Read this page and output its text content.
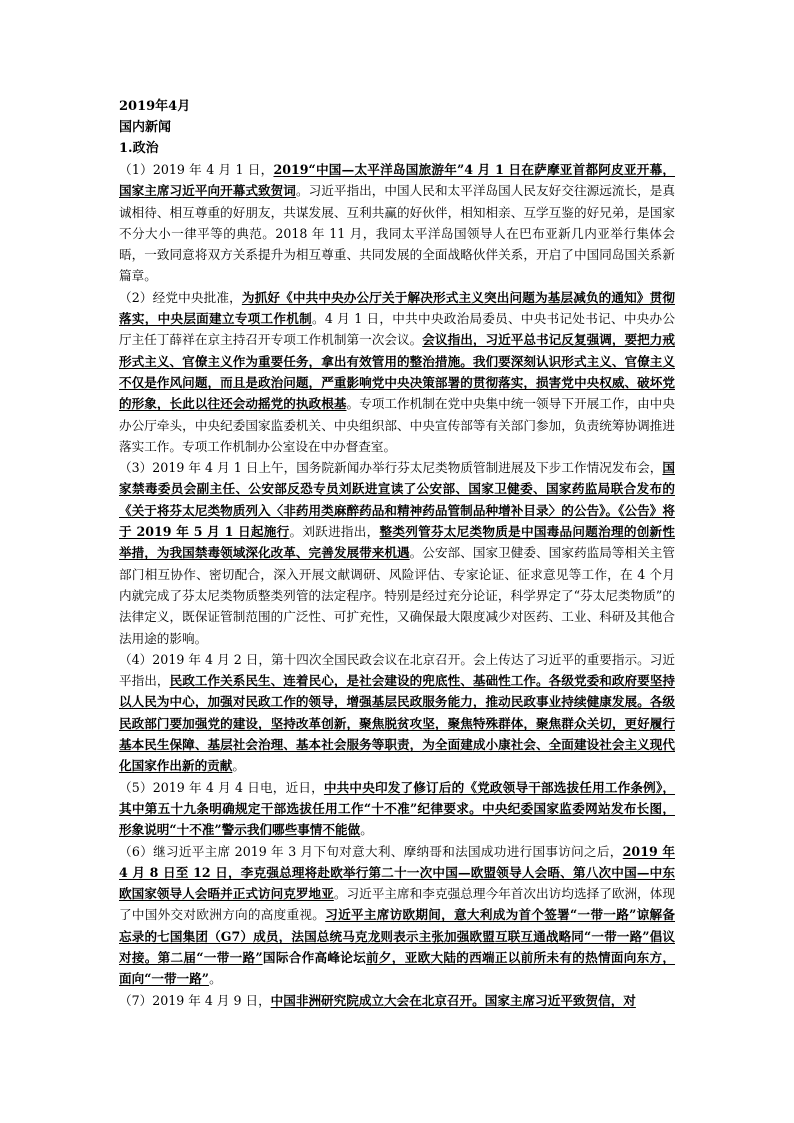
2019年4月
国内新闻
1.政治

（1）2019 年 4 月 1 日，2019“中国—太平洋岛国旅游年”4 月 1 日在萨摩亚首都阿皮亚开幕，国家主席习近平向开幕式致贺词。习近平指出，中国人民和太平洋岛国人民友好交往源远流长，是真诚相待、相互尊重的好朋友，共谋发展、互利共赢的好伙伴，相知相亲、互学互鉴的好兄弟，是国家不分大小一律平等的典范。2018 年 11 月，我同太平洋岛国领导人在巴布亚新几内亚举行集体会晤，一致同意将双方关系提升为相互尊重、共同发展的全面战略伙伴关系，开启了中国同岛国关系新篇章。

（2）经党中央批准，为抓好《中共中央办公厅关于解决形式主义突出问题为基层减负的通知》贯彻落实，中央层面建立专项工作机制。4 月 1 日，中共中央政治局委员、中央书记处书记、中央办公厅主任丁薛祥在京主持召开专项工作机制第一次会议。会议指出，习近平总书记反复强调，要把力戒形式主义、官僚主义作为重要任务，拿出有效管用的整治措施。我们要深刻认识形式主义、官僚主义不仅是作风问题，而且是政治问题，严重影响党中央决策部署的贯彻落实，损害党中央权威、破坏党的形象，长此以往还会动摇党的执政根基。专项工作机制在党中央集中统一领导下开展工作，由中央办公厅牵头，中央纪委国家监委机关、中央组织部、中央宣传部等有关部门参加，负责统筹协调推进落实工作。专项工作机制办公室设在中办督查室。

（3）2019 年 4 月 1 日上午，国务院新闻办举行芬太尼类物质管制进展及下步工作情况发布会，国家禁毒委员会副主任、公安部反恐专员刘跃进宣读了公安部、国家卫健委、国家药监局联合发布的《关于将芬太尼类物质列入〈非药用类麻醉药品和精神药品管制品种增补目录〉的公告》。《公告》将于 2019 年 5 月 1 日起施行。刘跃进指出，整类列管芬太尼类物质是中国毒品问题治理的创新性举措，为我国禁毒领域深化改革、完善发展带来机遇。公安部、国家卫健委、国家药监局等相关主管部门相互协作、密切配合，深入开展文献调研、风险评估、专家论证、征求意见等工作，在 4 个月内就完成了芬太尼类物质整类列管的法定程序。特别是经过充分论证，科学界定了“芬太尼类物质”的法律定义，既保证管制范围的广泛性、可扩充性，又确保最大限度减少对医药、工业、科研及其他合法用途的影响。

（4）2019 年 4 月 2 日，第十四次全国民政会议在北京召开。会上传达了习近平的重要指示。习近平指出，民政工作关系民生、连着民心，是社会建设的兜底性、基础性工作。各级党委和政府要坚持以人民为中心，加强对民政工作的领导，增强基层民政服务能力，推动民政事业持续健康发展。各级民政部门要加强党的建设，坚持改革创新，聚焦脱贫攻坚，聚焦特殊群体，聚焦群众关切，更好履行基本民生保障、基层社会治理、基本社会服务等职责，为全面建成小康社会、全面建设社会主义现代化国家作出新的贡献。

（5）2019 年 4 月 4 日电，近日，中共中央印发了修订后的《党政领导干部选拔任用工作条例》，其中第五十九条明确规定干部选拔任用工作“十不准”纪律要求。中央纪委国家监委网站发布长图，形象说明“十不准”警示我们哪些事情不能做。

（6）继习近平主席 2019 年 3 月下旬对意大利、摩纳哥和法国成功进行国事访问之后，2019 年 4 月 8 日至 12 日，李克强总理将赴欧举行第二十一次中国—欧盟领导人会晤、第八次中国—中东欧国家领导人会晤并正式访问克罗地亚。习近平主席和李克强总理今年首次出访均选择了欧洲，体现了中国外交对欧洲方向的高度重视。习近平主席访欧期间，意大利成为首个签署“一带一路”谅解备忘录的七国集团（G7）成员，法国总统马克龙则表示主张加强欧盟互联互通战略同“一带一路”倡议对接。第二届“一带一路”国际合作高峰论坛前夕，亚欧大陆的西端正以前所未有的热情面向东方，面向“一带一路”。

（7）2019 年 4 月 9 日，中国非洲研究院成立大会在北京召开。国家主席习近平致贺信，对
